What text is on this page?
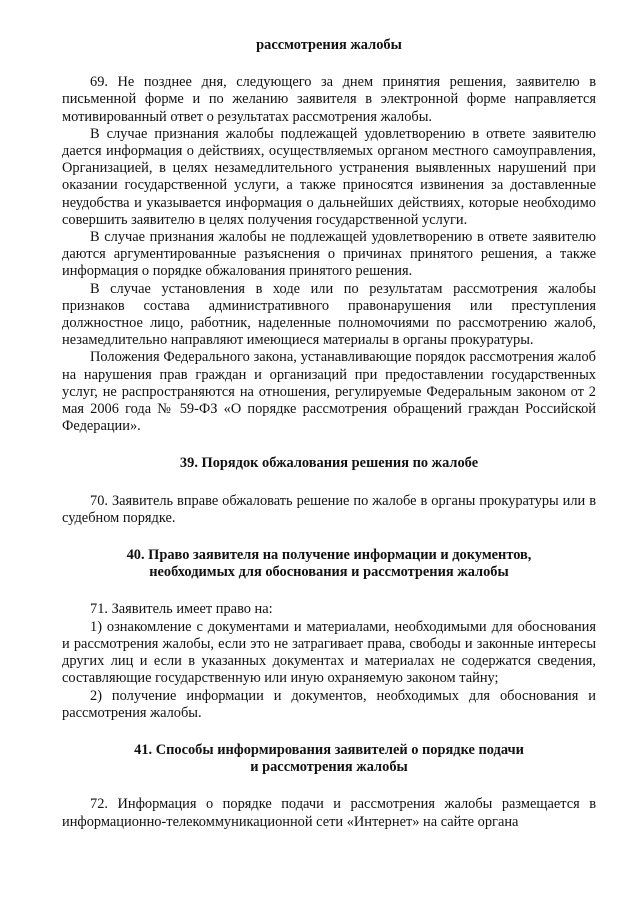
рассмотрения жалобы

69. Не позднее дня, следующего за днем принятия решения, заявителю в письменной форме и по желанию заявителя в электронной форме направляется мотивированный ответ о результатах рассмотрения жалобы.

В случае признания жалобы подлежащей удовлетворению в ответе заявителю дается информация о действиях, осуществляемых органом местного самоуправления, Организацией, в целях незамедлительного устранения выявленных нарушений при оказании государственной услуги, а также приносятся извинения за доставленные неудобства и указывается информация о дальнейших действиях, которые необходимо совершить заявителю в целях получения государственной услуги.

В случае признания жалобы не подлежащей удовлетворению в ответе заявителю даются аргументированные разъяснения о причинах принятого решения, а также информация о порядке обжалования принятого решения.

В случае установления в ходе или по результатам рассмотрения жалобы признаков состава административного правонарушения или преступления должностное лицо, работник, наделенные полномочиями по рассмотрению жалоб, незамедлительно направляют имеющиеся материалы в органы прокуратуры.

Положения Федерального закона, устанавливающие порядок рассмотрения жалоб на нарушения прав граждан и организаций при предоставлении государственных услуг, не распространяются на отношения, регулируемые Федеральным законом от 2 мая 2006 года № 59-ФЗ «О порядке рассмотрения обращений граждан Российской Федерации».

39. Порядок обжалования решения по жалобе

70. Заявитель вправе обжаловать решение по жалобе в органы прокуратуры или в судебном порядке.

40. Право заявителя на получение информации и документов,
необходимых для обоснования и рассмотрения жалобы

71. Заявитель имеет право на:

1) ознакомление с документами и материалами, необходимыми для обоснования и рассмотрения жалобы, если это не затрагивает права, свободы и законные интересы других лиц и если в указанных документах и материалах не содержатся сведения, составляющие государственную или иную охраняемую законом тайну;

2) получение информации и документов, необходимых для обоснования и рассмотрения жалобы.

41. Способы информирования заявителей о порядке подачи
и рассмотрения жалобы

72. Информация о порядке подачи и рассмотрения жалобы размещается в информационно-телекоммуникационной сети «Интернет» на сайте органа
